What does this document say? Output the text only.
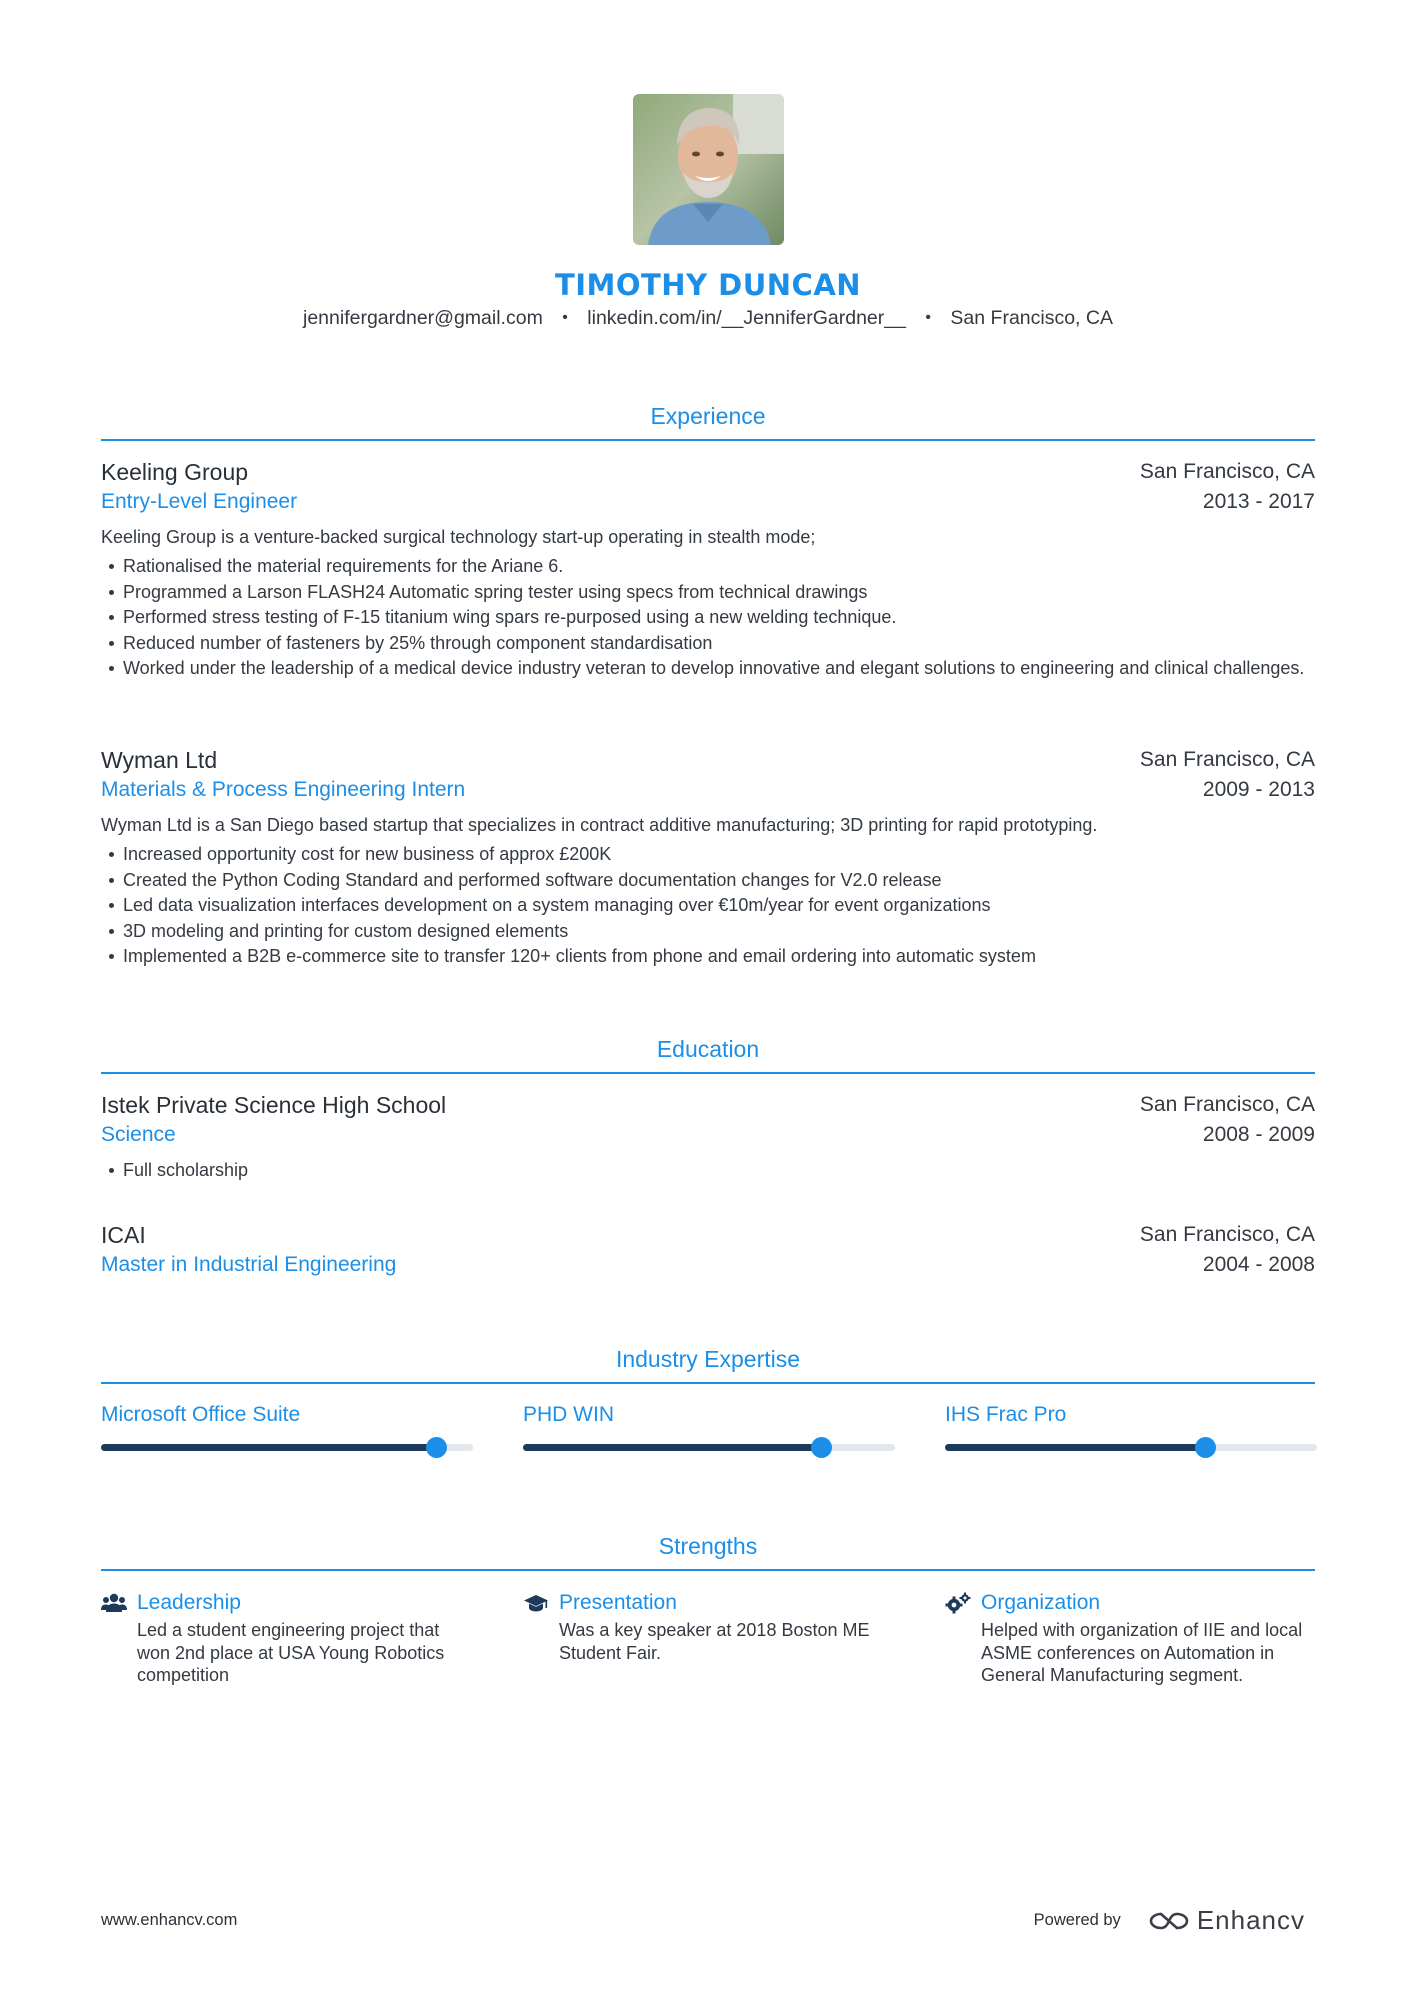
TIMOTHY DUNCAN
jennifergardner@gmail.com • linkedin.com/in/__JenniferGardner__ • San Francisco, CA
Experience
Keeling Group	San Francisco, CA
Entry-Level Engineer	2013 - 2017
Keeling Group is a venture-backed surgical technology start-up operating in stealth mode;
Rationalised the material requirements for the Ariane 6.
Programmed a Larson FLASH24 Automatic spring tester using specs from technical drawings
Performed stress testing of F-15 titanium wing spars re-purposed using a new welding technique.
Reduced number of fasteners by 25% through component standardisation
Worked under the leadership of a medical device industry veteran to develop innovative and elegant solutions to engineering and clinical challenges.
Wyman Ltd	San Francisco, CA
Materials & Process Engineering Intern	2009 - 2013
Wyman Ltd is a San Diego based startup that specializes in contract additive manufacturing; 3D printing for rapid prototyping.
Increased opportunity cost for new business of approx £200K
Created the Python Coding Standard and performed software documentation changes for V2.0 release
Led data visualization interfaces development on a system managing over €10m/year for event organizations
3D modeling and printing for custom designed elements
Implemented a B2B e-commerce site to transfer 120+ clients from phone and email ordering into automatic system
Education
Istek Private Science High School	San Francisco, CA
Science	2008 - 2009
Full scholarship
ICAI	San Francisco, CA
Master in Industrial Engineering	2004 - 2008
Industry Expertise
Microsoft Office Suite	PHD WIN	IHS Frac Pro
Strengths
Leadership
Led a student engineering project that won 2nd place at USA Young Robotics competition
Presentation
Was a key speaker at 2018 Boston ME Student Fair.
Organization
Helped with organization of IIE and local ASME conferences on Automation in General Manufacturing segment.
www.enhancv.com	Powered by	Enhancv
